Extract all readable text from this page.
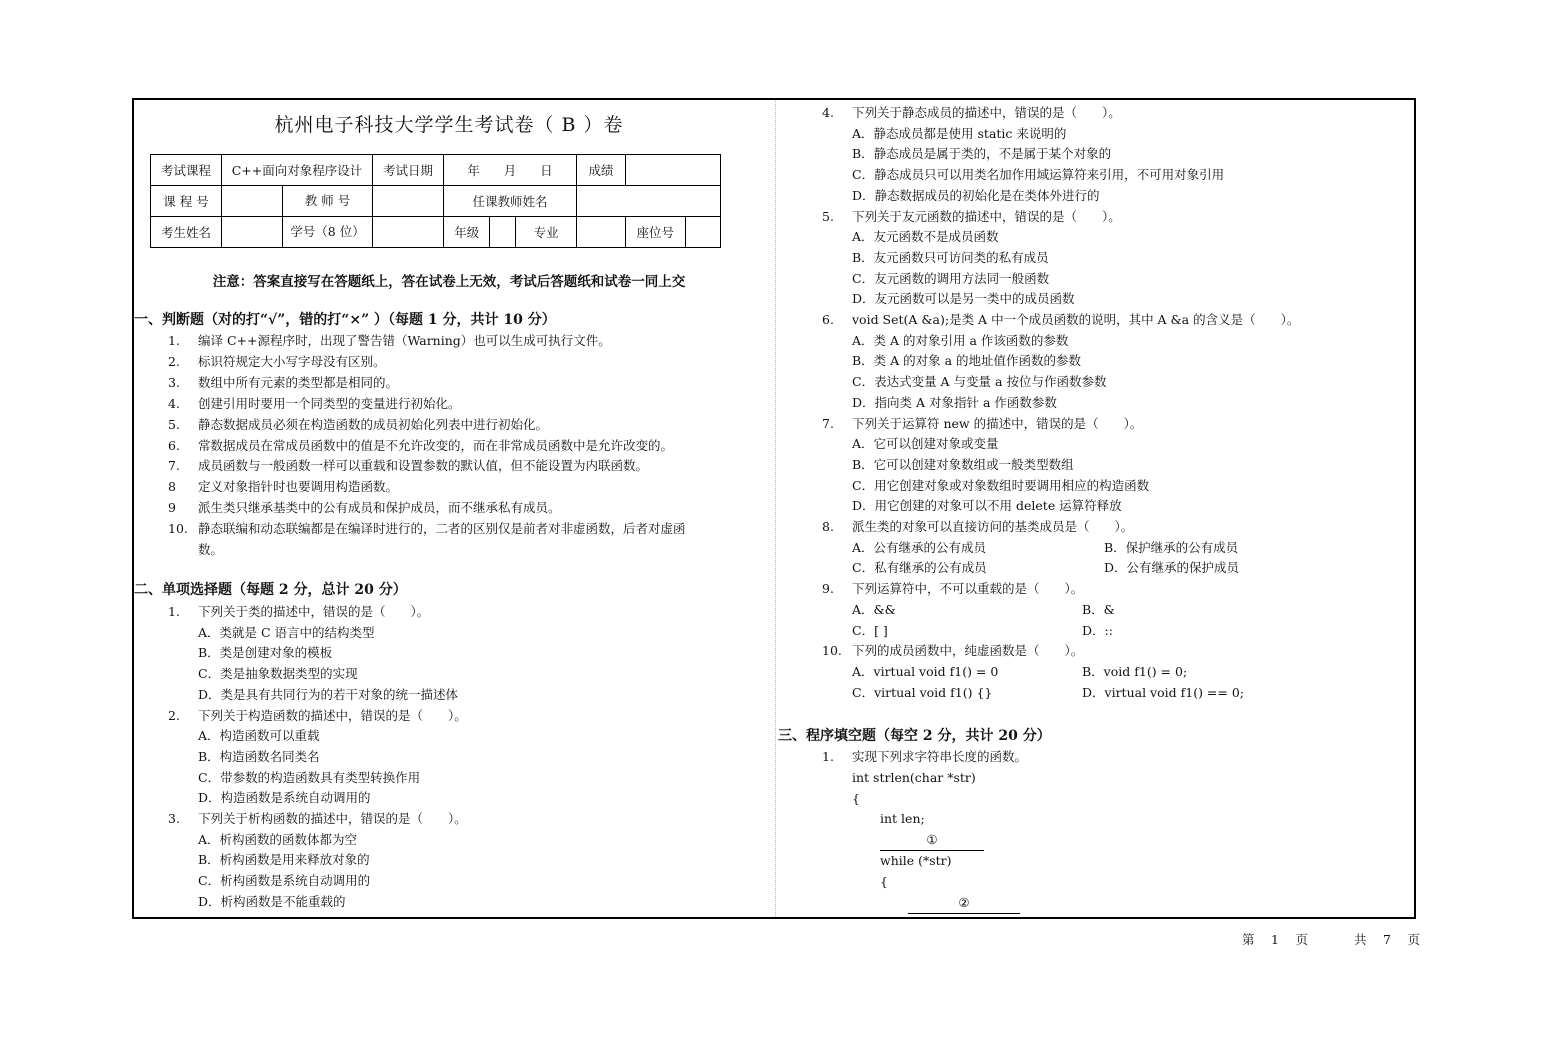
杭州电子科技大学学生考试卷（ B ）卷
考试课程	C++面向对象程序设计	考试日期	年 月 日			成绩		
课 程 号	教 师 号		任课教师姓名					
考生姓名	学号（8 位）		年级		专业		座位号	
注意：答案直接写在答题纸上，答在试卷上无效，考试后答题纸和试卷一同上交
一、判断题（对的打“√”，错的打“×” ）（每题 1 分，共计 10 分）
1. 编译 C++源程序时，出现了警告错（Warning）也可以生成可执行文件。
2. 标识符规定大小写字母没有区别。
3. 数组中所有元素的类型都是相同的。
4. 创建引用时要用一个同类型的变量进行初始化。
5. 静态数据成员必须在构造函数的成员初始化列表中进行初始化。
6. 常数据成员在常成员函数中的值是不允许改变的，而在非常成员函数中是允许改变的。
7. 成员函数与一般函数一样可以重载和设置参数的默认值，但不能设置为内联函数。
8 定义对象指针时也要调用构造函数。
9 派生类只继承基类中的公有成员和保护成员，而不继承私有成员。
10. 静态联编和动态联编都是在编译时进行的，二者的区别仅是前者对非虚函数，后者对虚函
数。
二、单项选择题（每题 2 分，总计 20 分）
1. 下列关于类的描述中，错误的是（　　）。
A．类就是 C 语言中的结构类型
B．类是创建对象的模板
C．类是抽象数据类型的实现
D．类是具有共同行为的若干对象的统一描述体
2. 下列关于构造函数的描述中，错误的是（　　）。
A．构造函数可以重载
B．构造函数名同类名
C．带参数的构造函数具有类型转换作用
D．构造函数是系统自动调用的
3. 下列关于析构函数的描述中，错误的是（　　）。
A．析构函数的函数体都为空
B．析构函数是用来释放对象的
C．析构函数是系统自动调用的
D．析构函数是不能重载的
4. 下列关于静态成员的描述中，错误的是（　　）。
A．静态成员都是使用 static 来说明的
B．静态成员是属于类的，不是属于某个对象的
C．静态成员只可以用类名加作用域运算符来引用，不可用对象引用
D．静态数据成员的初始化是在类体外进行的
5. 下列关于友元函数的描述中，错误的是（　　）。
A．友元函数不是成员函数
B．友元函数只可访问类的私有成员
C．友元函数的调用方法同一般函数
D．友元函数可以是另一类中的成员函数
6. void Set(A &a);是类 A 中一个成员函数的说明，其中 A &a 的含义是（　　）。
A．类 A 的对象引用 a 作该函数的参数
B．类 A 的对象 a 的地址值作函数的参数
C．表达式变量 A 与变量 a 按位与作函数参数
D．指向类 A 对象指针 a 作函数参数
7. 下列关于运算符 new 的描述中，错误的是（　　）。
A．它可以创建对象或变量
B．它可以创建对象数组或一般类型数组
C．用它创建对象或对象数组时要调用相应的构造函数
D．用它创建的对象可以不用 delete 运算符释放
8. 派生类的对象可以直接访问的基类成员是（　　）。
A．公有继承的公有成员	B．保护继承的公有成员
C．私有继承的公有成员	D．公有继承的保护成员
9. 下列运算符中，不可以重载的是（　　）。
A．&&	B．&
C．[ ]	D．::
10. 下列的成员函数中，纯虚函数是（　　）。
A．virtual void f1() = 0	B．void f1() = 0;
C．virtual void f1() {}	D．virtual void f1() == 0;
三、程序填空题（每空 2 分，共计 20 分）
1. 实现下列求字符串长度的函数。
int strlen(char *str)
{
int len;
①
while (*str)
{
②
第　1　页	共　7　页
